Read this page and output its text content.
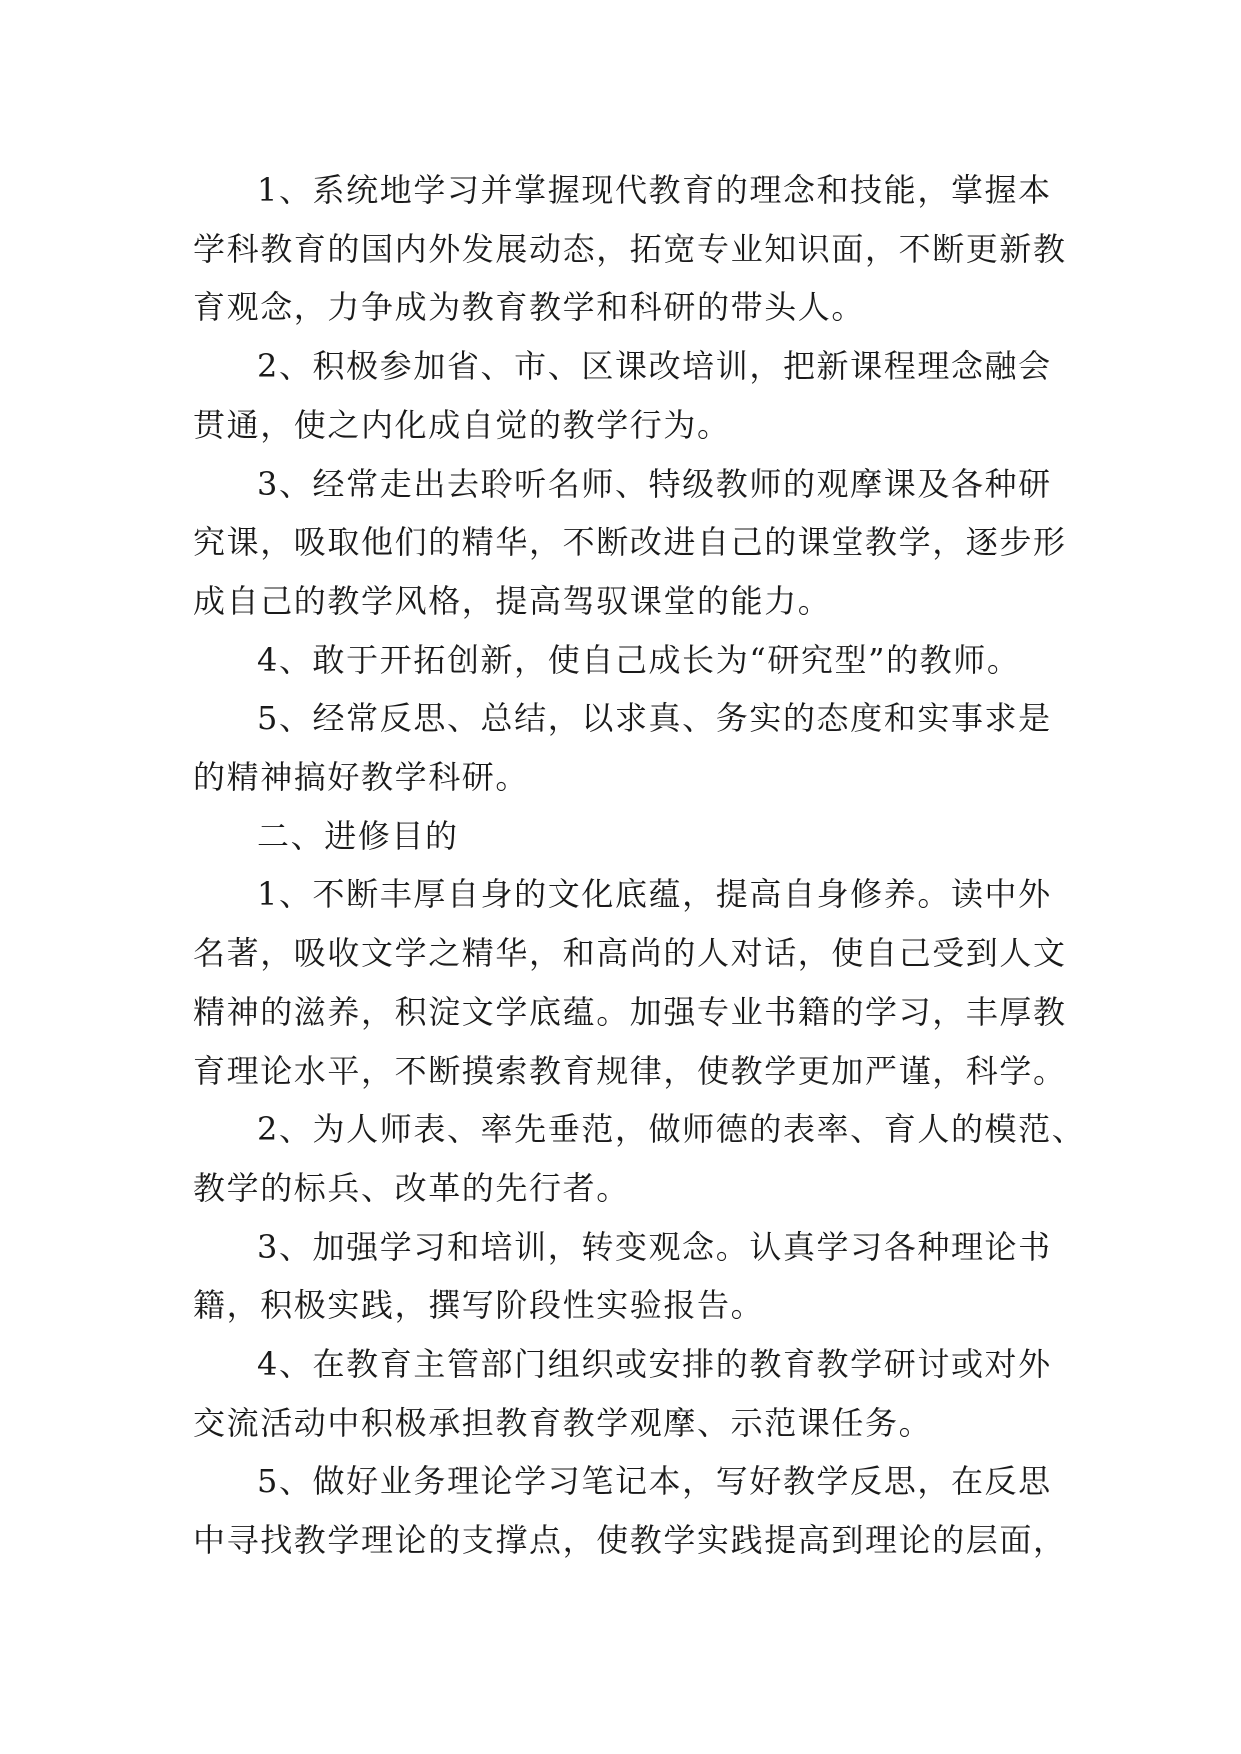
1、系统地学习并掌握现代教育的理念和技能，掌握本
学科教育的国内外发展动态，拓宽专业知识面，不断更新教
育观念，力争成为教育教学和科研的带头人。

2、积极参加省、市、区课改培训，把新课程理念融会
贯通，使之内化成自觉的教学行为。

3、经常走出去聆听名师、特级教师的观摩课及各种研
究课，吸取他们的精华，不断改进自己的课堂教学，逐步形
成自己的教学风格，提高驾驭课堂的能力。

4、敢于开拓创新，使自己成长为“研究型”的教师。

5、经常反思、总结，以求真、务实的态度和实事求是
的精神搞好教学科研。

二、进修目的

1、不断丰厚自身的文化底蕴，提高自身修养。读中外
名著，吸收文学之精华，和高尚的人对话，使自己受到人文
精神的滋养，积淀文学底蕴。加强专业书籍的学习，丰厚教
育理论水平，不断摸索教育规律，使教学更加严谨，科学。

2、为人师表、率先垂范，做师德的表率、育人的模范、
教学的标兵、改革的先行者。

3、加强学习和培训，转变观念。认真学习各种理论书
籍，积极实践，撰写阶段性实验报告。

4、在教育主管部门组织或安排的教育教学研讨或对外
交流活动中积极承担教育教学观摩、示范课任务。

5、做好业务理论学习笔记本，写好教学反思，在反思
中寻找教学理论的支撑点，使教学实践提高到理论的层面，
